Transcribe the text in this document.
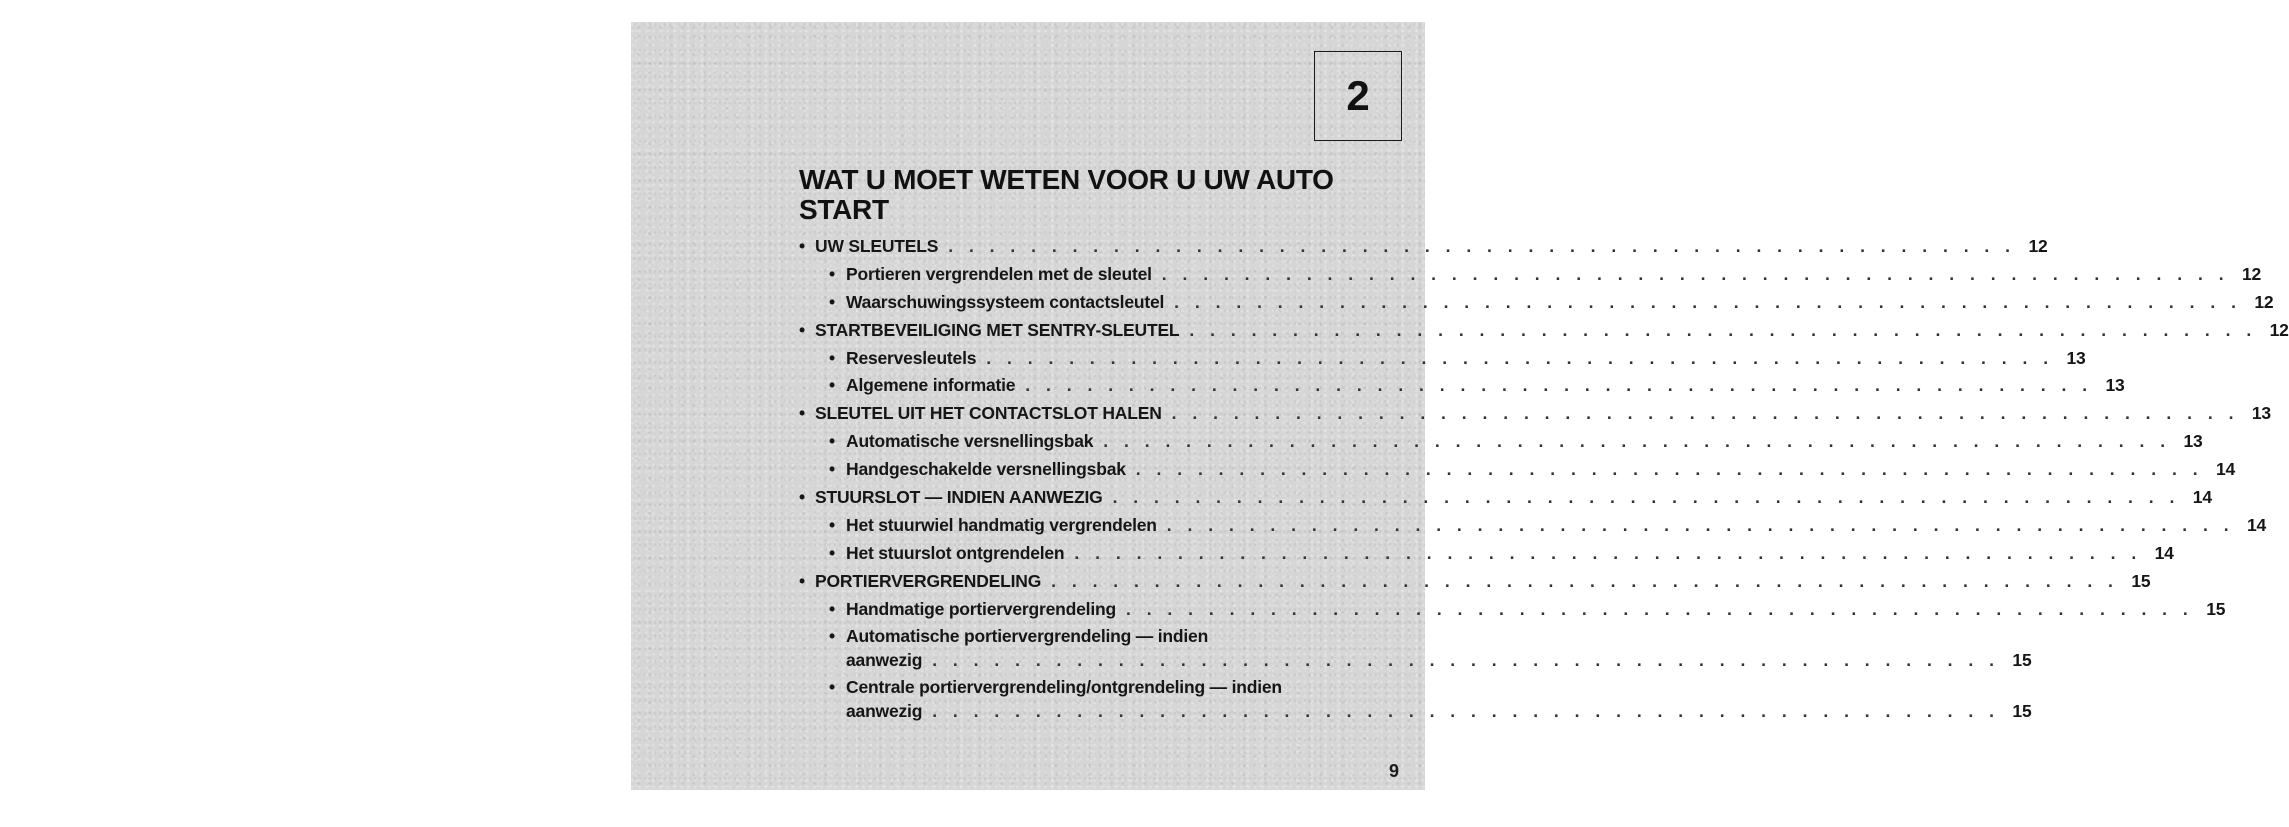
2
WAT U MOET WETEN VOOR U UW AUTO START
• UW SLEUTELS . . . . . . . . . . . . . . . . . . . . . . . . . . . . . . . . . . . . . . . . . . . . . . . . . . . . 12
• Portieren vergrendelen met de sleutel . . . . . . . . . . . . . . . . . . . . . . . . . . . . . . . . . . . . . . . . . . . . . . . . . . . . 12
• Waarschuwingssysteem contactsleutel . . . . . . . . . . . . . . . . . . . . . . . . . . . . . . . . . . . . . . . . . . . . . . . . . . . . 12
• STARTBEVEILIGING MET SENTRY-SLEUTEL . . . . . . . . . . . . . . . . . . . . . . . . . . . . . . . . . . . . . . . . . . . . . . . . . . . . 12
• Reservesleutels . . . . . . . . . . . . . . . . . . . . . . . . . . . . . . . . . . . . . . . . . . . . . . . . . . . . 13
• Algemene informatie . . . . . . . . . . . . . . . . . . . . . . . . . . . . . . . . . . . . . . . . . . . . . . . . . . . . 13
• SLEUTEL UIT HET CONTACTSLOT HALEN . . . . . . . . . . . . . . . . . . . . . . . . . . . . . . . . . . . . . . . . . . . . . . . . . . . . 13
• Automatische versnellingsbak . . . . . . . . . . . . . . . . . . . . . . . . . . . . . . . . . . . . . . . . . . . . . . . . . . . . 13
• Handgeschakelde versnellingsbak . . . . . . . . . . . . . . . . . . . . . . . . . . . . . . . . . . . . . . . . . . . . . . . . . . . . 14
• STUURSLOT — INDIEN AANWEZIG . . . . . . . . . . . . . . . . . . . . . . . . . . . . . . . . . . . . . . . . . . . . . . . . . . . . 14
• Het stuurwiel handmatig vergrendelen . . . . . . . . . . . . . . . . . . . . . . . . . . . . . . . . . . . . . . . . . . . . . . . . . . . . 14
• Het stuurslot ontgrendelen . . . . . . . . . . . . . . . . . . . . . . . . . . . . . . . . . . . . . . . . . . . . . . . . . . . . 14
• PORTIERVERGRENDELING . . . . . . . . . . . . . . . . . . . . . . . . . . . . . . . . . . . . . . . . . . . . . . . . . . . . 15
• Handmatige portiervergrendeling . . . . . . . . . . . . . . . . . . . . . . . . . . . . . . . . . . . . . . . . . . . . . . . . . . . . 15
• Automatische portiervergrendeling — indien
aanwezig . . . . . . . . . . . . . . . . . . . . . . . . . . . . . . . . . . . . . . . . . . . . . . . . . . . . 15
• Centrale portiervergrendeling/ontgrendeling — indien
aanwezig . . . . . . . . . . . . . . . . . . . . . . . . . . . . . . . . . . . . . . . . . . . . . . . . . . . . 15
9
